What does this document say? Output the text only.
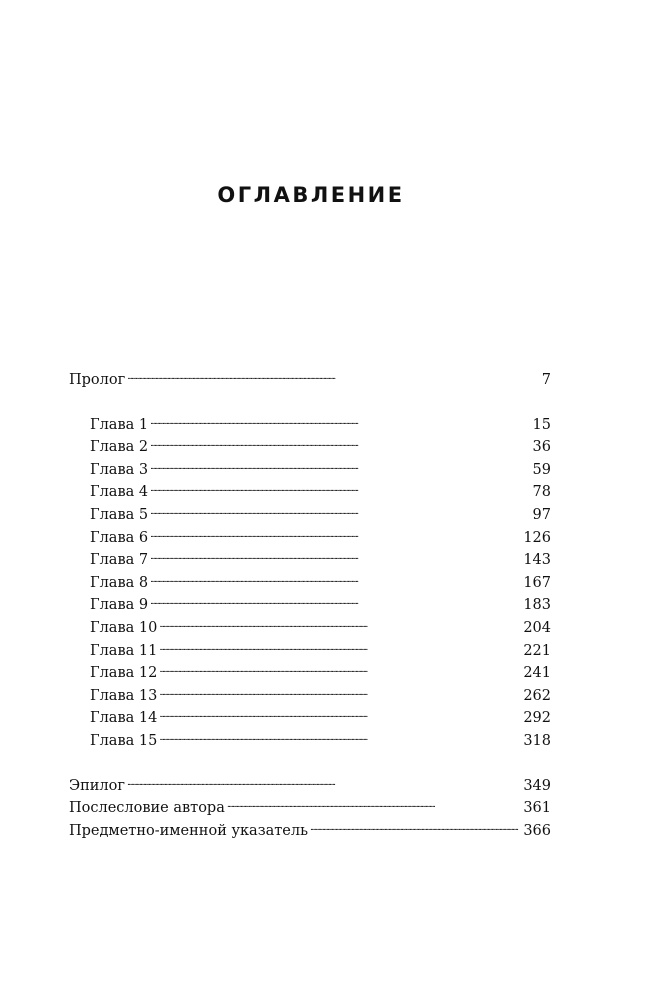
ОГЛАВЛЕНИЕ
Пролог . . .	7
Глава 1 . . .	15
Глава 2 . . .	36
Глава 3 . . .	59
Глава 4 . . .	78
Глава 5 . . .	97
Глава 6 . . .	126
Глава 7 . . .	143
Глава 8 . . .	167
Глава 9 . . .	183
Глава 10 . . .	204
Глава 11 . . .	221
Глава 12 . . .	241
Глава 13 . . .	262
Глава 14 . . .	292
Глава 15 . . .	318
Эпилог . . .	349
Послесловие автора . . .	361
Предметно-именной указатель . . .	366
